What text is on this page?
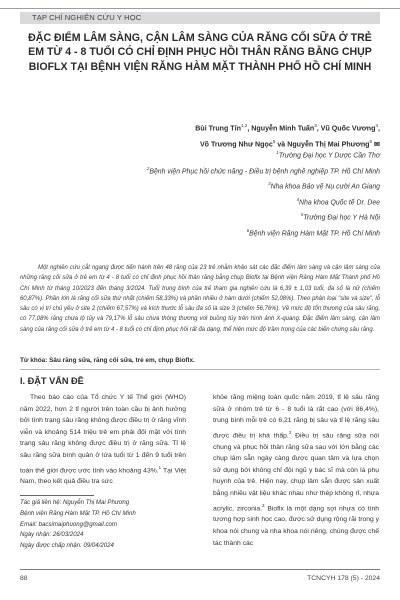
TẠP CHÍ NGHIÊN CỨU Y HỌC
ĐẶC ĐIỂM LÂM SÀNG, CẬN LÂM SÀNG CỦA RĂNG CỐI SỮA Ở TRẺ EM TỪ 4 - 8 TUỔI CÓ CHỈ ĐỊNH PHỤC HỒI THÂN RĂNG BẰNG CHỤP BIOFLX TẠI BỆNH VIỆN RĂNG HÀM MẶT THÀNH PHỐ HỒ CHÍ MINH
Bùi Trung Tín$^{1,2}$, Nguyễn Minh Tuấn$^3$, Vũ Quốc Vương$^4$,
Võ Trương Như Ngọc$^5$ và Nguyễn Thị Mai Phương$^6$ ✉
$^1$Trường Đại học Y Dược Cần Thơ
$^2$Bệnh viện Phục hồi chức năng - Điều trị bệnh nghề nghiệp TP. Hồ Chí Minh
$^3$Nha khoa Bảo vệ Nụ cười An Giang
$^4$Nha khoa Quốc tế Dr. Dee
$^5$Trường Đại học Y Hà Nội
$^6$Bệnh viện Răng Hàm Mặt TP. Hồ Chí Minh

Một nghiên cứu cắt ngang được tiến hành trên 48 răng của 23 trẻ nhằm khảo sát các đặc điểm lâm sàng và cận lâm sàng của những răng cối sữa ở trẻ em từ 4 - 8 tuổi có chỉ định phục hồi thân răng bằng chụp Bioflx tại Bệnh viện Răng Hàm Mặt Thành phố Hồ Chí Minh từ tháng 10/2023 đến tháng 3/2024. Tuổi trung bình của trẻ tham gia nghiên cứu là 6,39 ± 1,03 tuổi, đa số là nữ (chiếm 60,87%). Phần lớn là răng cối sữa thứ nhất (chiếm 58,33%) và phần nhiều ở hàm dưới (chiếm 52,08%). Theo phân loại "site và size", lỗ sâu có vị trí chủ yếu ở site 2 (chiếm 67,57%) và kích thước lỗ sâu đa số là size 3 (chiếm 56,76%). Về mức độ tổn thương của sâu răng, có 77,08% răng chưa lộ tủy và 79,17% lỗ sâu chưa thông thương với buồng tủy trên hình ảnh X-quang. Đặc điểm lâm sàng, cận lâm sàng của răng cối sữa ở trẻ em từ 4 - 8 tuổi có chỉ định phục hồi rất đa dạng, thể hiện mức độ trầm trọng của các biến chứng sâu răng.

Từ khóa: Sâu răng sữa, răng cối sữa, trẻ em, chụp Bioflx.
I. ĐẶT VẤN ĐỀ

Theo báo cáo của Tổ chức Y tế Thế giới (WHO) năm 2022, hơn 2 tỉ người trên toàn cầu bị ảnh hưởng bởi tình trạng sâu răng không được điều trị ở răng vĩnh viễn và khoảng 514 triệu trẻ em phải đối mặt với tình trạng sâu răng không được điều trị ở răng sữa. Tỉ lệ sâu răng sữa bình quân ở lứa tuổi từ 1 đến 9 tuổi trên toàn thế giới được ước tính vào khoảng 43%.$^1$ Tại Việt Nam, theo kết quả điều tra sức

khỏe răng miệng toàn quốc năm 2019, tỉ lệ sâu răng sữa ở nhóm trẻ từ 6 - 8 tuổi là rất cao (với 86,4%), trung bình mỗi trẻ có 6,21 răng bị sâu và tỉ lệ răng sâu được điều trị khá thấp.$^2$ Điều trị sâu răng sữa nói chung và phục hồi thân răng sữa sau với lớn bằng các chụp lâm sẵn ngày càng được quan tâm và lựa chọn sử dụng bởi không chỉ đội ngũ y bác sĩ mà còn là phụ huynh của trẻ. Hiện nay, chụp lâm sẵn được sản xuất bằng nhiều vật liệu khác nhau như thép không rỉ, nhựa acrylic, zirconia.$^3$ Bioflx là một dạng sợi nhựa có tính tương hợp sinh học cao, được sử dụng rộng rãi trong y khoa nói chung và nha khoa nói riêng, chúng được chế tác thành các

Tác giả liên hệ: Nguyễn Thị Mai Phương
Bệnh viện Răng Hàm Mặt TP. Hồ Chí Minh
Email: bacsimaiphuong@gmail.com
Ngày nhận: 26/03/2024
Ngày được chấp nhận: 09/04/2024
88	TCNCYH 178 (5) - 2024
